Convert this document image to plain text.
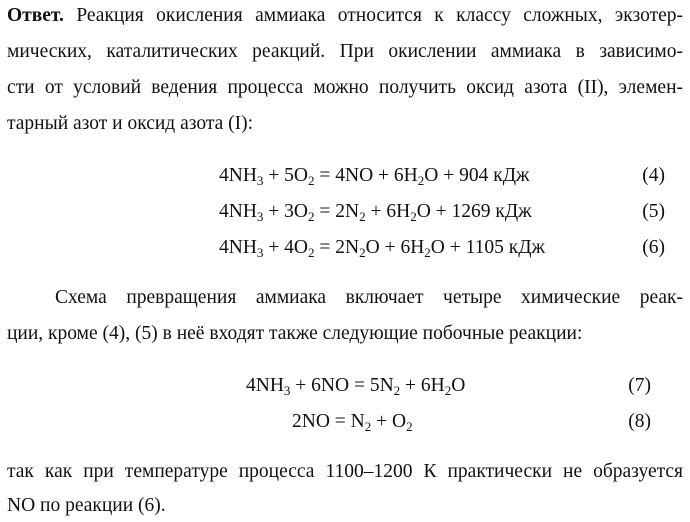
Ответ. Реакция окисления аммиака относится к классу сложных, экзотер-
мических, каталитических реакций. При окислении аммиака в зависимо-
сти от условий ведения процесса можно получить оксид азота (II), элемен-
тарный азот и оксид азота (I):
$4NH_3 + 5O_2 = 4NO + 6H_2O + 904$ кДж	(4)
$4NH_3 + 3O_2 = 2N_2 + 6H_2O + 1269$ кДж	(5)
$4NH_3 + 4O_2 = 2N_2O + 6H_2O + 1105$ кДж	(6)
Схема превращения аммиака включает четыре химические реак-
ции, кроме (4), (5) в неё входят также следующие побочные реакции:
$4NH_3 + 6NO = 5N_2 + 6H_2O$	(7)
$2NO = N_2 + O_2$	(8)
так как при температуре процесса 1100–1200 К практически не образуется
NO по реакции (6).
